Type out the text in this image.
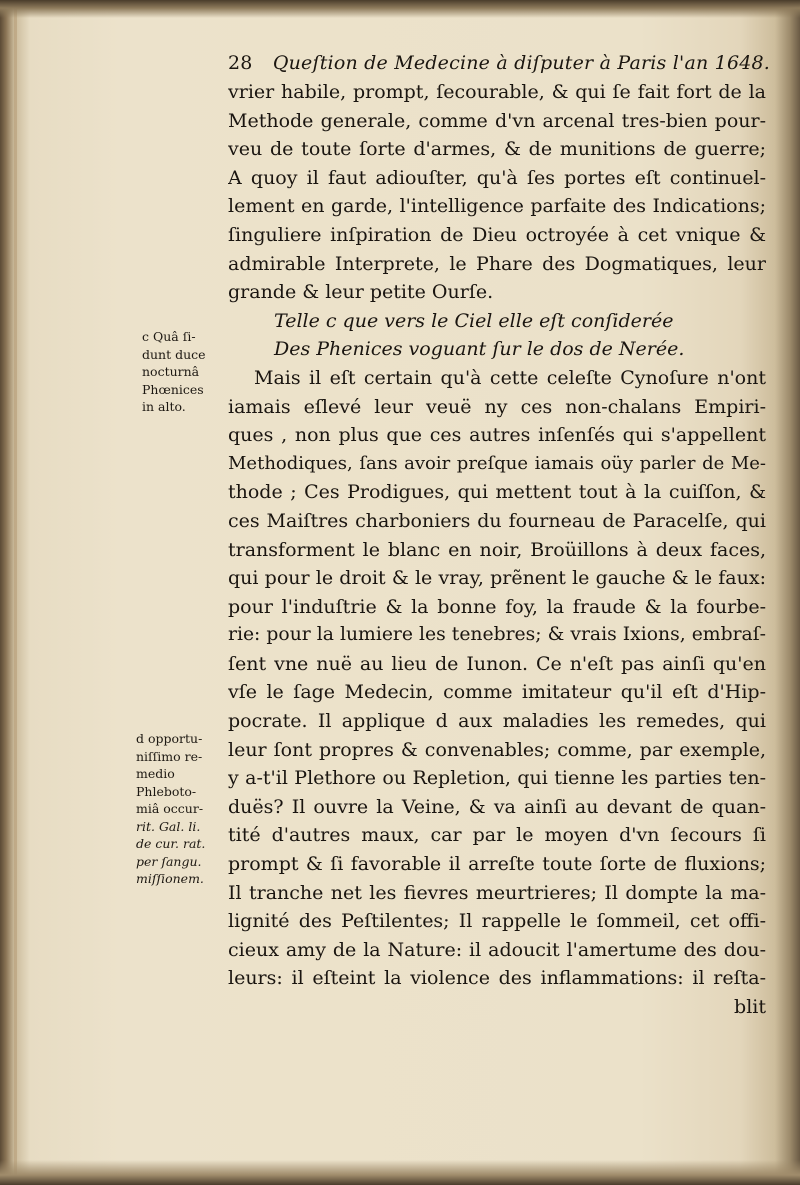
28 Queſtion de Medecine à diſputer à Paris l'an 1648.
vrier habile, prompt, ſecourable, & qui ſe fait fort de la
Methode generale, comme d'vn arcenal tres-bien pour-
veu de toute ſorte d'armes, & de munitions de guerre;
A quoy il faut adiouſter, qu'à ſes portes eſt continuel-
lement en garde, l'intelligence parfaite des Indications;
ſinguliere inſpiration de Dieu octroyée à cet vnique &
admirable Interprete, le Phare des Dogmatiques, leur
grande & leur petite Ourſe.
Telle c que vers le Ciel elle eſt conſiderée
Des Phenices voguant ſur le dos de Nerée.
Mais il eſt certain qu'à cette celeſte Cynoſure n'ont
iamais eſlevé leur veuë ny ces non-chalans Empiri-
ques , non plus que ces autres inſenſés qui s'appellent
Methodiques, ſans avoir preſque iamais oüy parler de Me-
thode ; Ces Prodigues, qui mettent tout à la cuiſſon, &
ces Maiſtres charboniers du fourneau de Paracelſe, qui
transforment le blanc en noir, Broüillons à deux faces,
qui pour le droit & le vray, prẽnent le gauche & le faux:
pour l'induſtrie & la bonne foy, la fraude & la fourbe-
rie: pour la lumiere les tenebres; & vrais Ixions, embraſ-
ſent vne nuë au lieu de Iunon. Ce n'eſt pas ainſi qu'en
vſe le ſage Medecin, comme imitateur qu'il eſt d'Hip-
pocrate. Il applique d aux maladies les remedes, qui
leur ſont propres & convenables; comme, par exemple,
y a-t'il Plethore ou Repletion, qui tienne les parties ten-
duës? Il ouvre la Veine, & va ainſi au devant de quan-
tité d'autres maux, car par le moyen d'vn ſecours ſi
prompt & ſi favorable il arreſte toute ſorte de fluxions;
Il tranche net les fievres meurtrieres; Il dompte la ma-
lignité des Peſtilentes; Il rappelle le ſommeil, cet offi-
cieux amy de la Nature: il adoucit l'amertume des dou-
leurs: il eſteint la violence des inflammations: il reſta-
blit
c Quâ ſi-
dunt duce
nocturnâ
Phœnices
in alto.
d opportu-
niſſimo re-
medio
Phleboto-
miâ occur-
rit. Gal. li.
de cur. rat.
per ſangu.
miſſionem.
